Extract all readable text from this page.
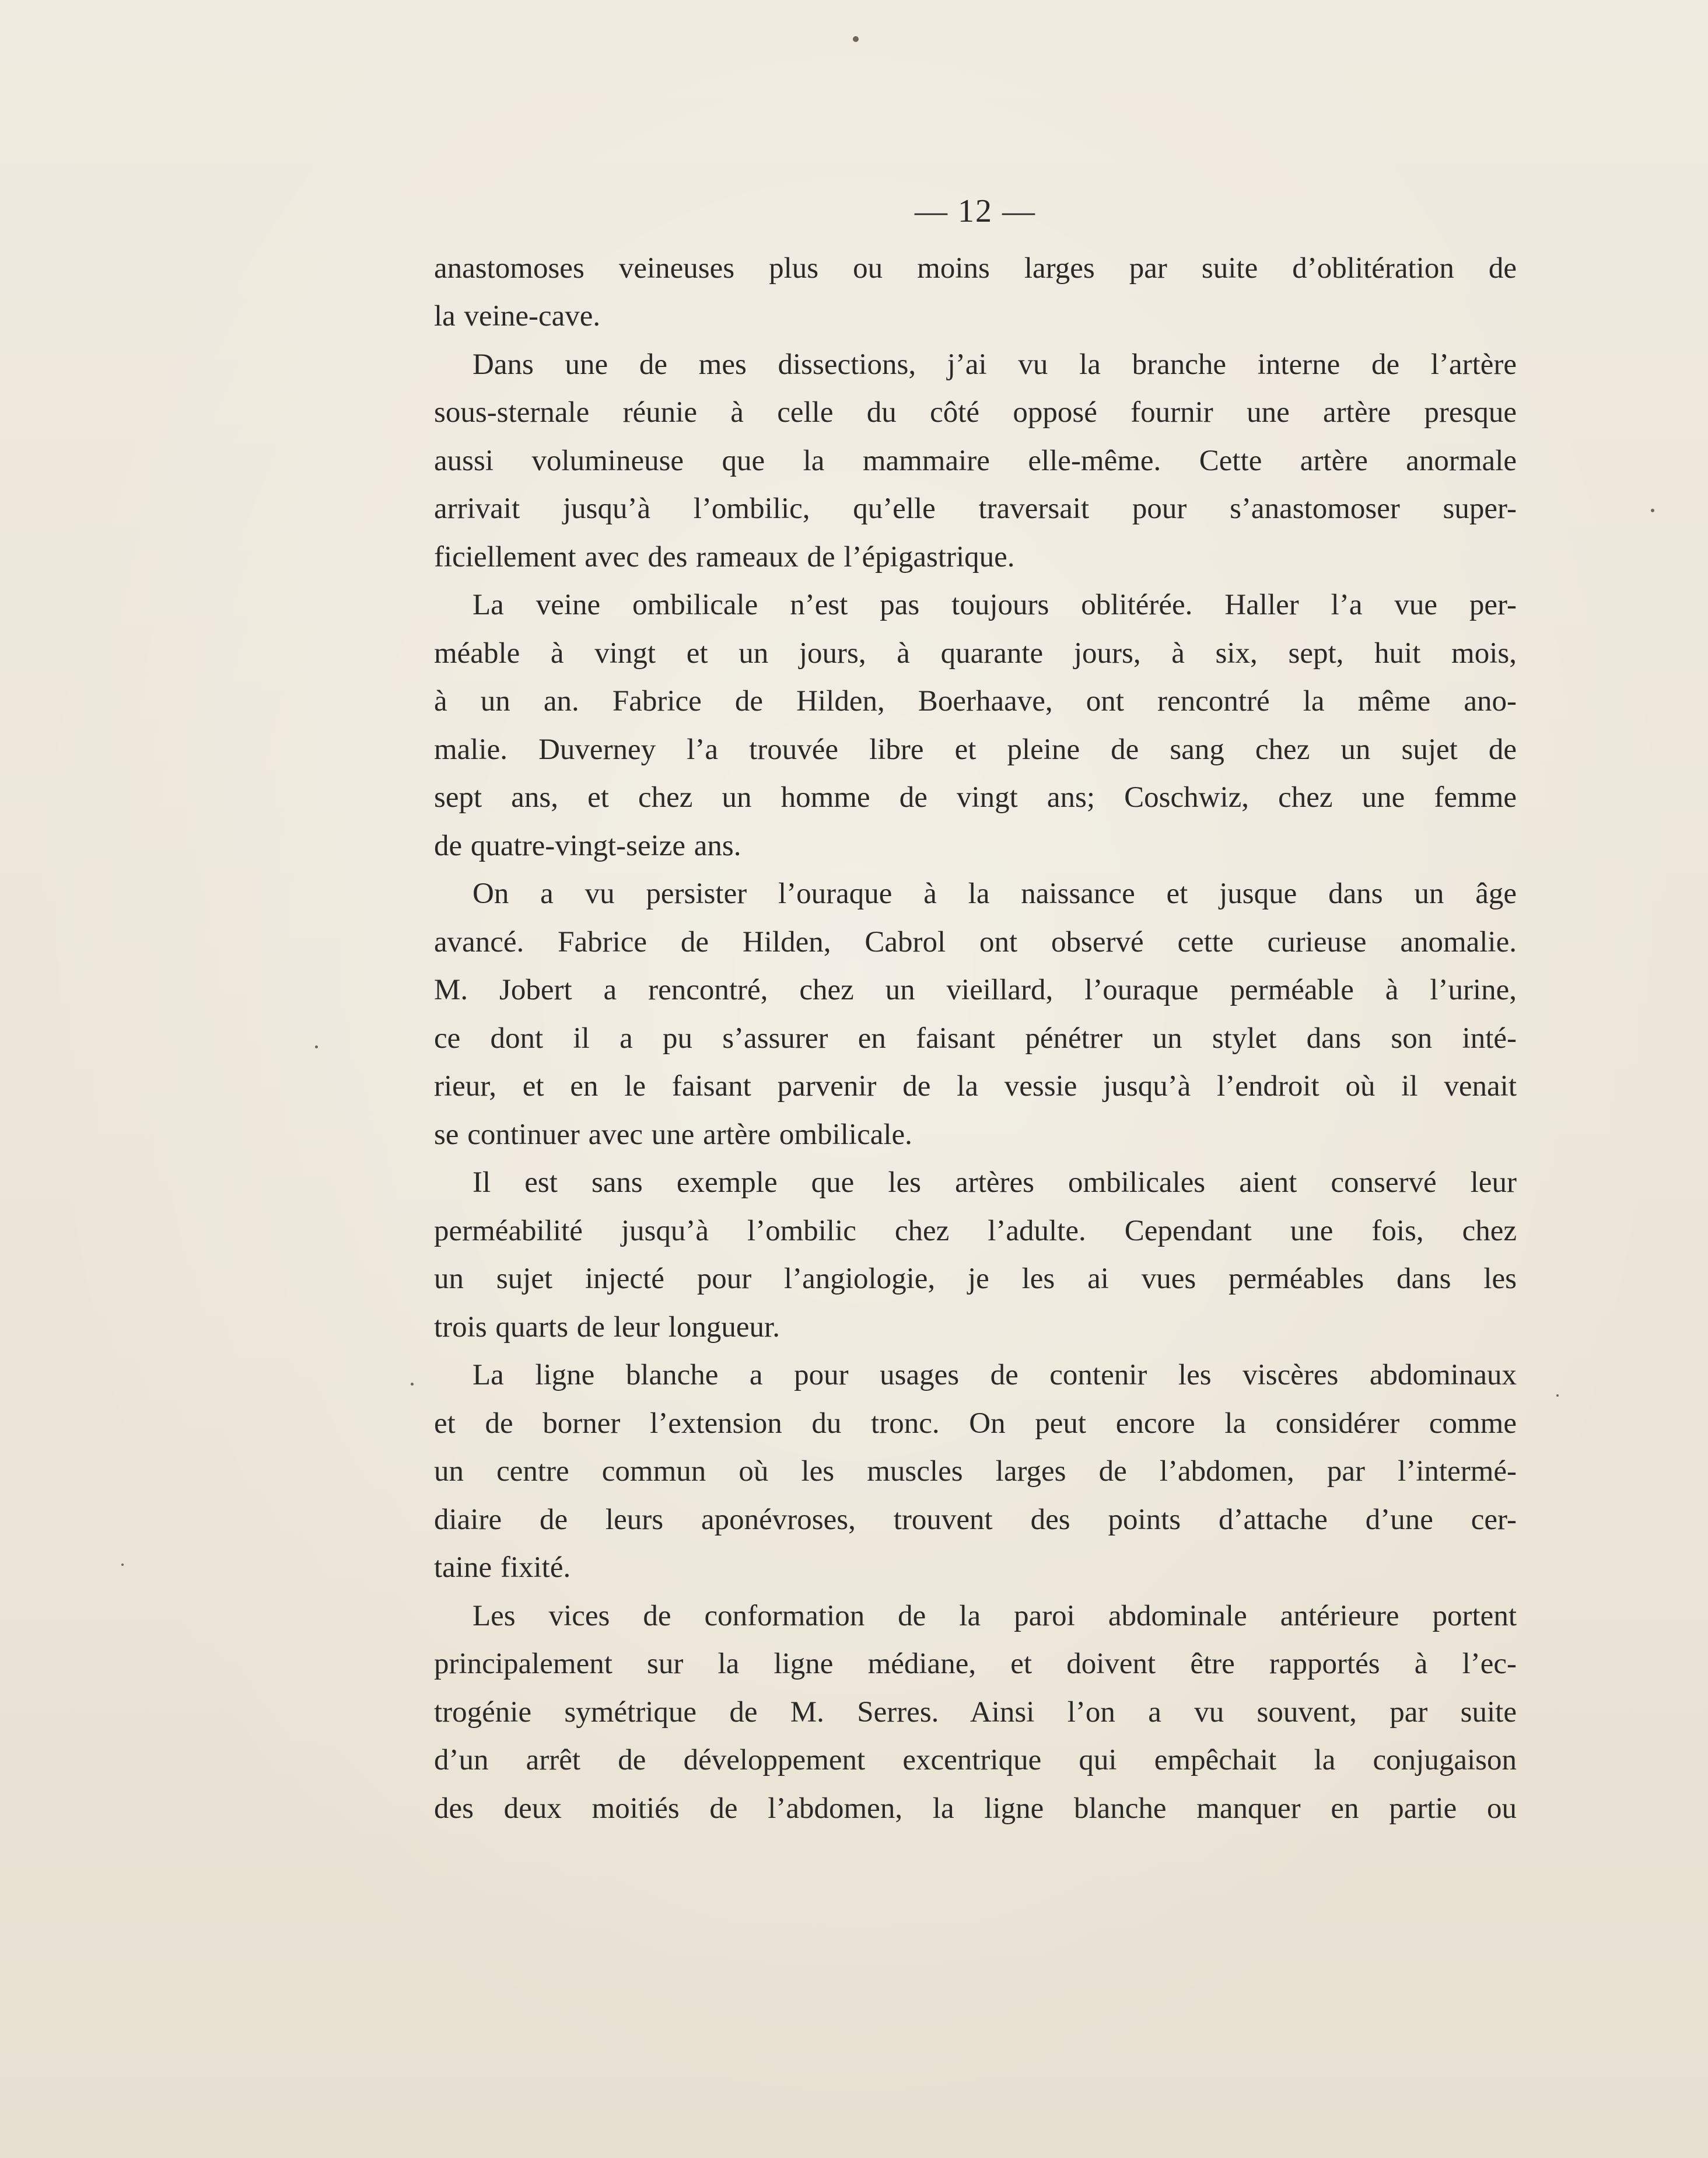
— 12 —
anastomoses veineuses plus ou moins larges par suite d’oblitération de
la veine-cave.
Dans une de mes dissections, j’ai vu la branche interne de l’artère
sous-sternale réunie à celle du côté opposé fournir une artère presque
aussi volumineuse que la mammaire elle-même. Cette artère anormale
arrivait jusqu’à l’ombilic, qu’elle traversait pour s’anastomoser super-
ficiellement avec des rameaux de l’épigastrique.
La veine ombilicale n’est pas toujours oblitérée. Haller l’a vue per-
méable à vingt et un jours, à quarante jours, à six, sept, huit mois,
à un an. Fabrice de Hilden, Boerhaave, ont rencontré la même ano-
malie. Duverney l’a trouvée libre et pleine de sang chez un sujet de
sept ans, et chez un homme de vingt ans; Coschwiz, chez une femme
de quatre-vingt-seize ans.
On a vu persister l’ouraque à la naissance et jusque dans un âge
avancé. Fabrice de Hilden, Cabrol ont observé cette curieuse anomalie.
M. Jobert a rencontré, chez un vieillard, l’ouraque perméable à l’urine,
ce dont il a pu s’assurer en faisant pénétrer un stylet dans son inté-
rieur, et en le faisant parvenir de la vessie jusqu’à l’endroit où il venait
se continuer avec une artère ombilicale.
Il est sans exemple que les artères ombilicales aient conservé leur
perméabilité jusqu’à l’ombilic chez l’adulte. Cependant une fois, chez
un sujet injecté pour l’angiologie, je les ai vues perméables dans les
trois quarts de leur longueur.
La ligne blanche a pour usages de contenir les viscères abdominaux
et de borner l’extension du tronc. On peut encore la considérer comme
un centre commun où les muscles larges de l’abdomen, par l’intermé-
diaire de leurs aponévroses, trouvent des points d’attache d’une cer-
taine fixité.
Les vices de conformation de la paroi abdominale antérieure portent
principalement sur la ligne médiane, et doivent être rapportés à l’ec-
trogénie symétrique de M. Serres. Ainsi l’on a vu souvent, par suite
d’un arrêt de développement excentrique qui empêchait la conjugaison
des deux moitiés de l’abdomen, la ligne blanche manquer en partie ou
